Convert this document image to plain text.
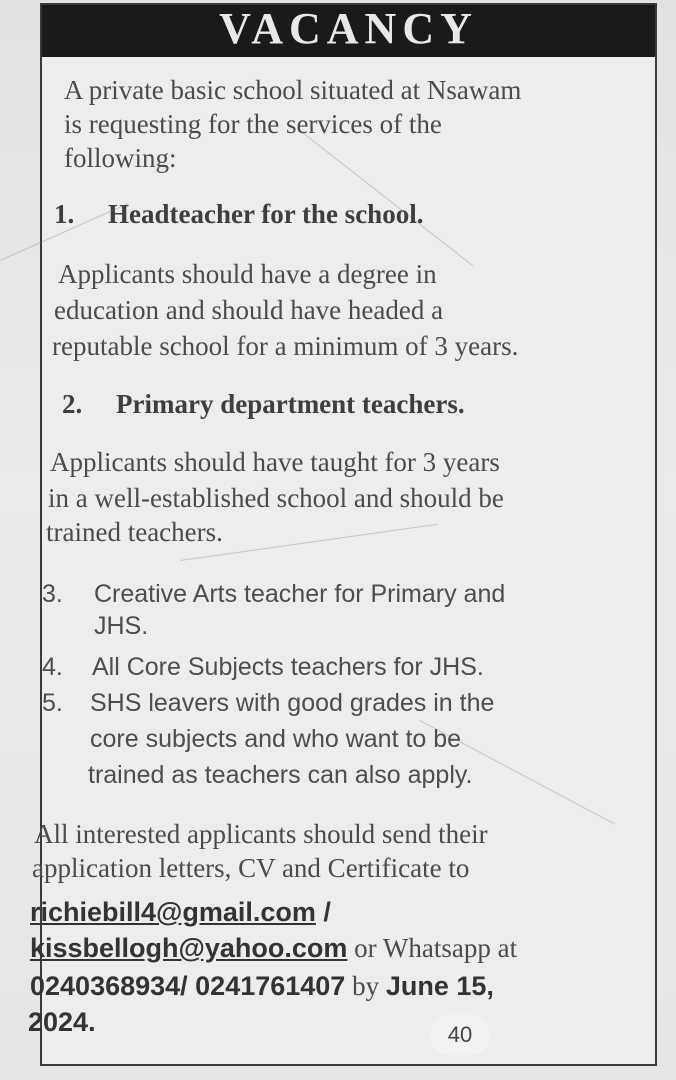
VACANCY
A private basic school situated at Nsawam
is requesting for the services of the
following:
1. Headteacher for the school.
Applicants should have a degree in
education and should have headed a
reputable school for a minimum of 3 years.
2. Primary department teachers.
Applicants should have taught for 3 years
in a well-established school and should be
trained teachers.
3. Creative Arts teacher for Primary and
JHS.
4. All Core Subjects teachers for JHS.
5. SHS leavers with good grades in the
core subjects and who want to be
trained as teachers can also apply.
All interested applicants should send their
application letters, CV and Certificate to
richiebill4@gmail.com /
kissbellogh@yahoo.com or Whatsapp at
0240368934/ 0241761407 by June 15,
2024.	40
